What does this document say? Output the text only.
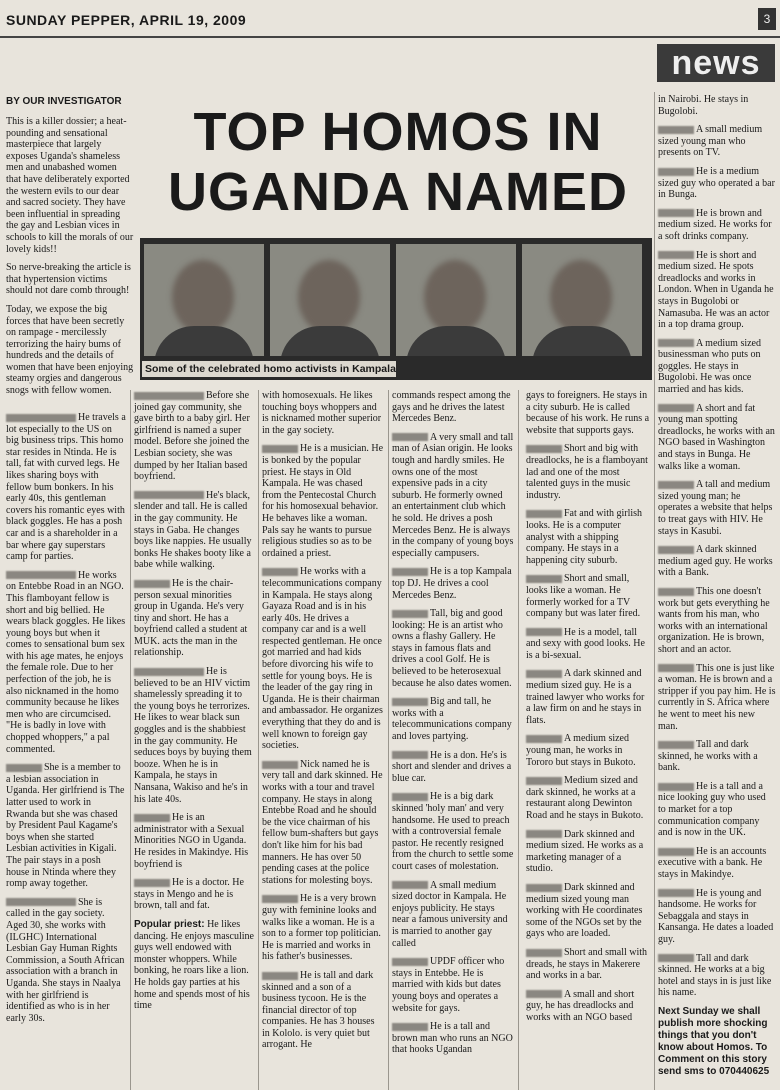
SUNDAY PEPPER, APRIL 19, 2009	3
news
BY OUR INVESTIGATOR
TOP HOMOS IN UGANDA NAMED
Some of the celebrated homo activists in Kampala

This is a killer dossier; a heat-pounding and sensational masterpiece that largely exposes Uganda's shameless men and unabashed women that have deliberately exported the western evils to our dear and sacred society. They have been influential in spreading the gay and Lesbian vices in schools to kill the morals of our lovely kids!!

So nerve-breaking the article is that hypertension victims should not dare comb through!

Today, we expose the big forces that have been secretly on rampage - mercilessly terrorizing the hairy bums of hundreds and the details of women that have been enjoying steamy orgies and dangerous snogs with fellow women.

He travels a lot especially to the US on big business trips. This homo star resides in Ntinda. He is tall, fat with curved legs. He likes sharing boys with fellow bum bonkers. In his early 40s, this gentleman covers his romantic eyes with black goggles. He has a posh car and is a shareholder in a bar where gay superstars camp for parties.

He works on Entebbe Road in an NGO. This flamboyant fellow is short and big bellied. He wears black goggles. He likes young boys but when it comes to sensational bum sex with his age mates, he enjoys the female role. Due to her perfection of the job, he is also nicknamed in the homo community because he likes men who are circumcised. "He is badly in love with chopped whoppers," a pal commented.

She is a member to a lesbian association in Uganda. Her girlfriend is The latter used to work in Rwanda but she was chased by President Paul Kagame's boys when she started Lesbian activities in Kigali. The pair stays in a posh house in Ntinda where they romp away together.

She is called in the gay society. Aged 30, she works with (ILGHC) International Lesbian Gay Human Rights Commission, a South African association with a branch in Uganda. She stays in Naalya with her girlfriend is identified as who is in her early 30s.

Before she joined gay community, she gave birth to a baby girl. Her girlfriend is named a super model. Before she joined the Lesbian society, she was dumped by her Italian based boyfriend.

He's black, slender and tall. He is called in the gay community. He stays in Gaba. He changes boys like nappies. He usually bonks He shakes booty like a babe while walking.

He is the chair-person sexual minorities group in Uganda. He's very tiny and short. He has a boyfriend called a student at MUK. acts the man in the relationship.

He is believed to be an HIV victim shamelessly spreading it to the young boys he terrorizes. He likes to wear black sun goggles and is the shabbiest in the gay community. He seduces boys by buying them booze. When he is in Kampala, he stays in Nansana, Wakiso and he's in his late 40s.

He is an administrator with a Sexual Minorities NGO in Uganda. He resides in Makindye. His boyfriend is

He is a doctor. He stays in Mengo and he is brown, tall and fat.

Popular priest: He likes dancing. He enjoys masculine guys well endowed with monster whoppers. While bonking, he roars like a lion. He holds gay parties at his home and spends most of his time

with homosexuals. He likes touching boys whoppers and is nicknamed mother superior in the gay society.

He is a musician. He is bonked by the popular priest. He stays in Old Kampala. He was chased from the Pentecostal Church for his homosexual behavior. He behaves like a woman. Pals say he wants to pursue religious studies so as to be ordained a priest.

He works with a telecommunications company in Kampala. He stays along Gayaza Road and is in his early 40s. He drives a company car and is a well respected gentleman. He once got married and had kids before divorcing his wife to settle for young boys. He is the leader of the gay ring in Uganda. He is their chairman and ambassador. He organizes everything that they do and is well known to foreign gay societies.

Nick named he is very tall and dark skinned. He works with a tour and travel company. He stays in along Entebbe Road and he should be the vice chairman of his fellow bum-shafters but gays don't like him for his bad manners. He has over 50 pending cases at the police stations for molesting boys.

He is a very brown guy with feminine looks and walks like a woman. He is a son to a former top politician. He is married and works in his father's businesses.

He is tall and dark skinned and a son of a business tycoon. He is the financial director of top companies. He has 3 houses in Kololo. is very quiet but arrogant. He

commands respect among the gays and he drives the latest Mercedes Benz.

A very small and tall man of Asian origin. He looks tough and hardly smiles. He owns one of the most expensive pads in a city suburb. He formerly owned an entertainment club which he sold. He drives a posh Mercedes Benz. He is always in the company of young boys especially campusers.

He is a top Kampala top DJ. He drives a cool Mercedes Benz.

Tall, big and good looking: He is an artist who owns a flashy Gallery. He stays in famous flats and drives a cool Golf. He is believed to be heterosexual because he also dates women.

Big and tall, he works with a telecommunications company and loves partying.

He is a don. He's is short and slender and drives a blue car.

He is a big dark skinned 'holy man' and very handsome. He used to preach with a controversial female pastor. He recently resigned from the church to settle some court cases of molestation.

A small medium sized doctor in Kampala. He enjoys publicity. He stays near a famous university and is married to another gay called

UPDF officer who stays in Entebbe. He is married with kids but dates young boys and operates a website for gays.

He is a tall and brown man who runs an NGO that hooks Ugandan

gays to foreigners. He stays in a city suburb. He is called because of his work. He runs a website that supports gays.

Short and big with dreadlocks, he is a flamboyant lad and one of the most talented guys in the music industry.

Fat and with girlish looks. He is a computer analyst with a shipping company. He stays in a happening city suburb.

Short and small, looks like a woman. He formerly worked for a TV company but was later fired.

He is a model, tall and sexy with good looks. He is a bi-sexual.

A dark skinned and medium sized guy. He is a trained lawyer who works for a law firm on and he stays in flats.

A medium sized young man, he works in Tororo but stays in Bukoto.

Medium sized and dark skinned, he works at a restaurant along Dewinton Road and he stays in Bukoto.

Dark skinned and medium sized. He works as a marketing manager of a studio.

Dark skinned and medium sized young man working with He coordinates some of the NGOs set by the gays who are loaded.

Short and small with dreads, he stays in Makerere and works in a bar.

A small and short guy, he has dreadlocks and works with an NGO based

in Nairobi. He stays in Bugolobi.

A small medium sized young man who presents on TV.

He is a medium sized guy who operated a bar in Bunga.

He is brown and medium sized. He works for a soft drinks company.

He is short and medium sized. He spots dreadlocks and works in London. When in Uganda he stays in Bugolobi or Namasuba. He was an actor in a top drama group.

A medium sized businessman who puts on goggles. He stays in Bugolobi. He was once married and has kids.

A short and fat young man spotting dreadlocks, he works with an NGO based in Washington and stays in Bunga. He walks like a woman.

A tall and medium sized young man; he operates a website that helps to treat gays with HIV. He stays in Kasubi.

A dark skinned medium aged guy. He works with a Bank.

This one doesn't work but gets everything he wants from his man, who works with an international organization. He is brown, short and an actor.

This one is just like a woman. He is brown and a stripper if you pay him. He is currently in S. Africa where he went to meet his new man.

Tall and dark skinned, he works with a bank.

He is a tall and a nice looking guy who used to market for a top communication company and is now in the UK.

He is an accounts executive with a bank. He stays in Makindye.

He is young and handsome. He works for Sebaggala and stays in Kansanga. He dates a loaded guy.

Tall and dark skinned. He works at a big hotel and stays in is just like his name.

Next Sunday we shall publish more shocking things that you don't know about Homos. To Comment on this story send sms to 070440625
